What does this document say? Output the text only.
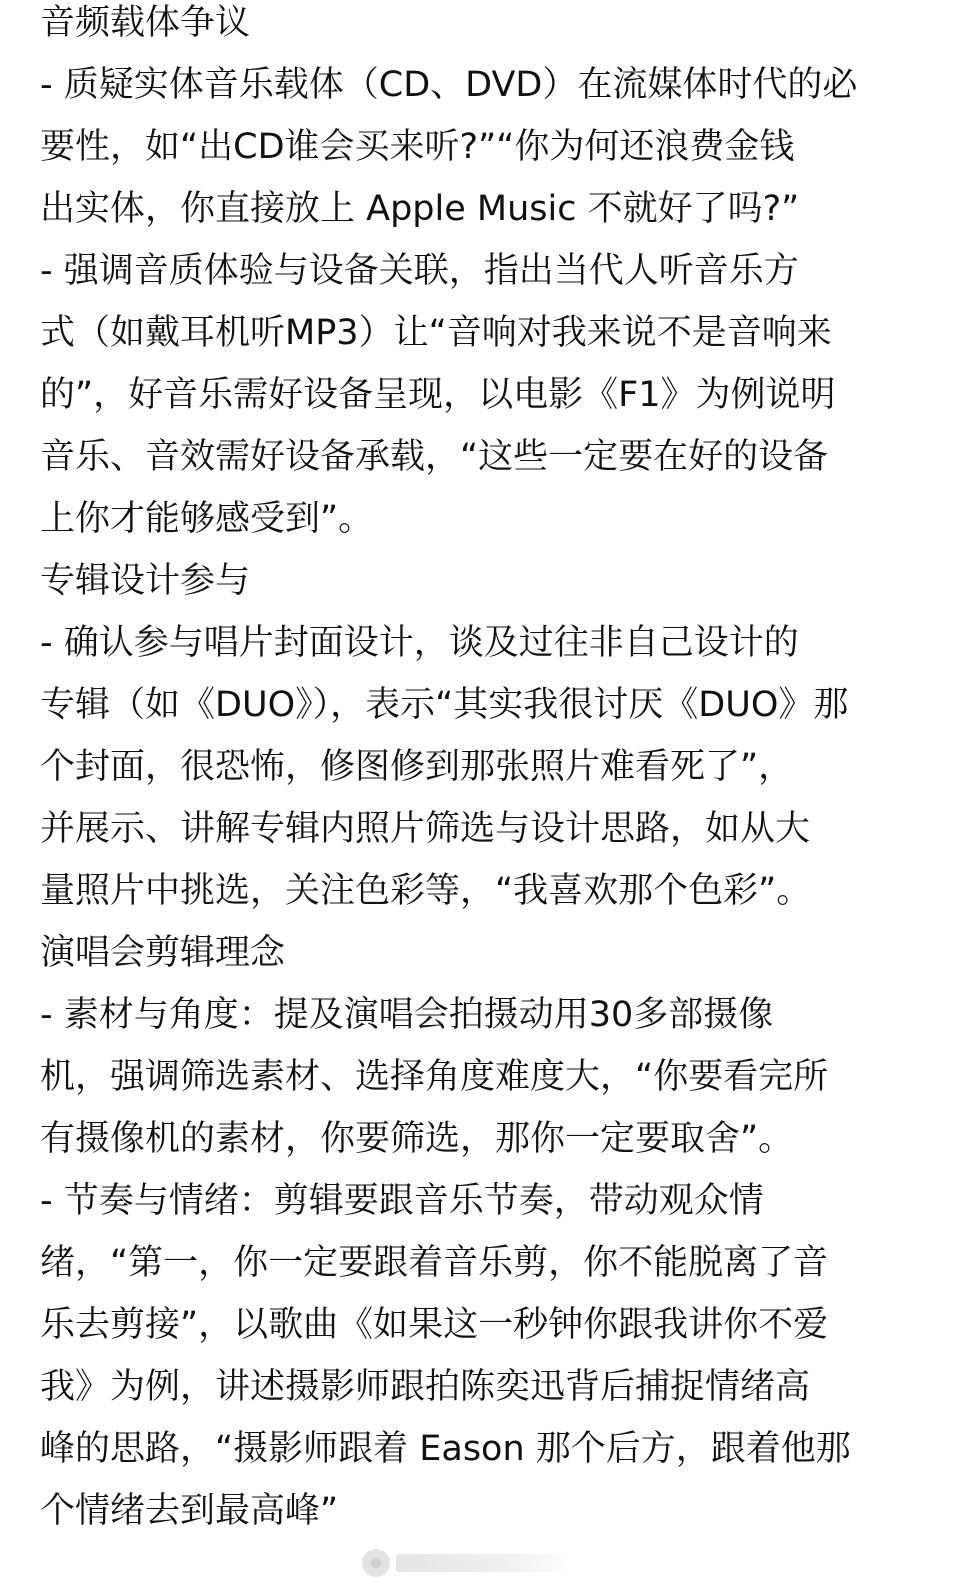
音频载体争议
- 质疑实体音乐载体（CD、DVD）在流媒体时代的必
要性，如“出CD谁会买来听?”“你为何还浪费金钱
出实体，你直接放上 Apple Music 不就好了吗?”
- 强调音质体验与设备关联，指出当代人听音乐方
式（如戴耳机听MP3）让“音响对我来说不是音响来
的”，好音乐需好设备呈现，以电影《F1》为例说明
音乐、音效需好设备承载，“这些一定要在好的设备
上你才能够感受到”。
专辑设计参与
- 确认参与唱片封面设计，谈及过往非自己设计的
专辑（如《DUO》），表示“其实我很讨厌《DUO》那
个封面，很恐怖，修图修到那张照片难看死了”，
并展示、讲解专辑内照片筛选与设计思路，如从大
量照片中挑选，关注色彩等，“我喜欢那个色彩”。
演唱会剪辑理念
- 素材与角度：提及演唱会拍摄动用30多部摄像
机，强调筛选素材、选择角度难度大，“你要看完所
有摄像机的素材，你要筛选，那你一定要取舍”。
- 节奏与情绪：剪辑要跟音乐节奏，带动观众情
绪，“第一，你一定要跟着音乐剪，你不能脱离了音
乐去剪接”，以歌曲《如果这一秒钟你跟我讲你不爱
我》为例，讲述摄影师跟拍陈奕迅背后捕捉情绪高
峰的思路，“摄影师跟着 Eason 那个后方，跟着他那
个情绪去到最高峰”
